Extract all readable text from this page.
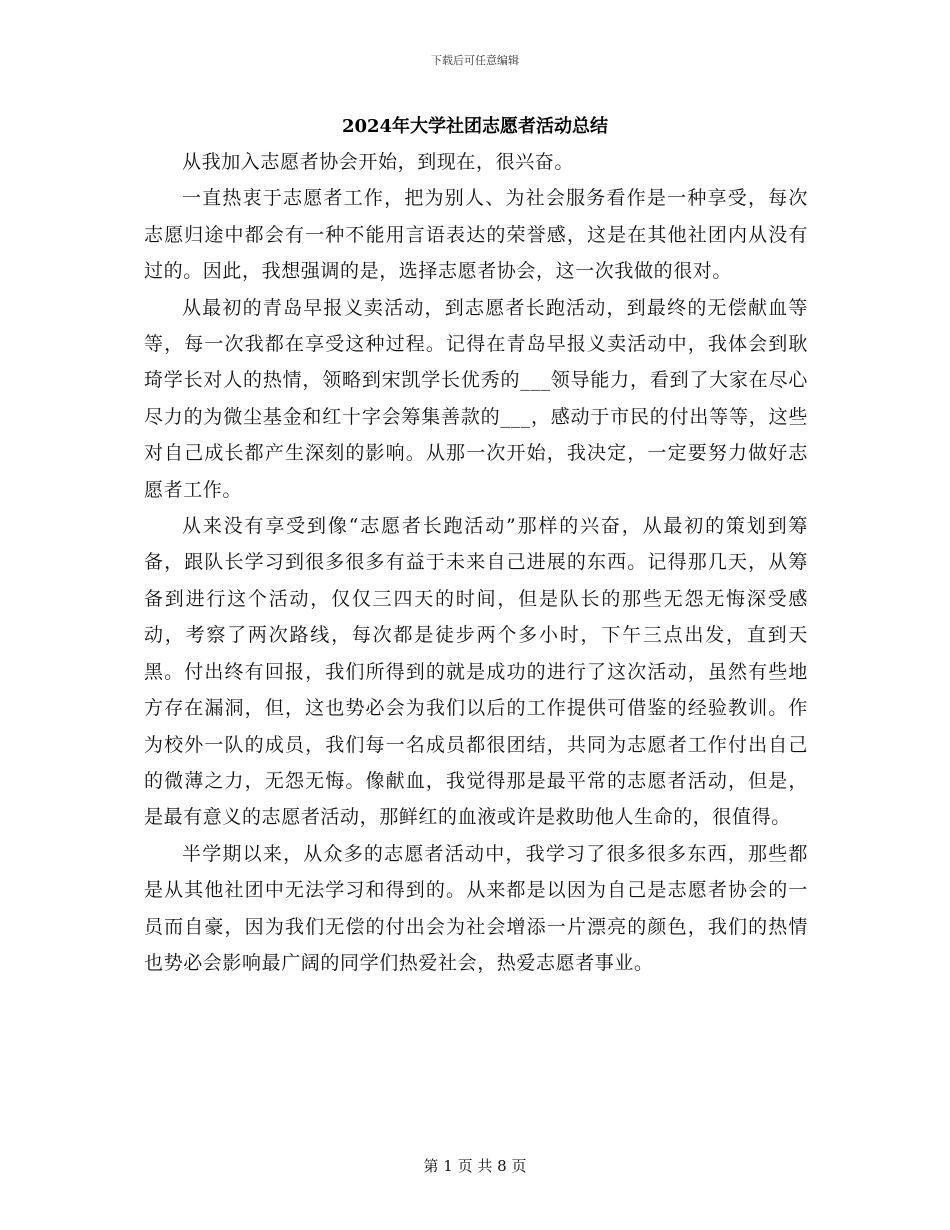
下载后可任意编辑
2024年大学社团志愿者活动总结

从我加入志愿者协会开始，到现在，很兴奋。

一直热衷于志愿者工作，把为别人、为社会服务看作是一种享受，每次志愿归途中都会有一种不能用言语表达的荣誉感，这是在其他社团内从没有过的。因此，我想强调的是，选择志愿者协会，这一次我做的很对。

从最初的青岛早报义卖活动，到志愿者长跑活动，到最终的无偿献血等等，每一次我都在享受这种过程。记得在青岛早报义卖活动中，我体会到耿琦学长对人的热情，领略到宋凯学长优秀的___领导能力，看到了大家在尽心尽力的为微尘基金和红十字会筹集善款的___，感动于市民的付出等等，这些对自己成长都产生深刻的影响。从那一次开始，我决定，一定要努力做好志愿者工作。

从来没有享受到像“志愿者长跑活动”那样的兴奋，从最初的策划到筹备，跟队长学习到很多很多有益于未来自己进展的东西。记得那几天，从筹备到进行这个活动，仅仅三四天的时间，但是队长的那些无怨无悔深受感动，考察了两次路线，每次都是徒步两个多小时，下午三点出发，直到天黑。付出终有回报，我们所得到的就是成功的进行了这次活动，虽然有些地方存在漏洞，但，这也势必会为我们以后的工作提供可借鉴的经验教训。作为校外一队的成员，我们每一名成员都很团结，共同为志愿者工作付出自己的微薄之力，无怨无悔。像献血，我觉得那是最平常的志愿者活动，但是，是最有意义的志愿者活动，那鲜红的血液或许是救助他人生命的，很值得。

半学期以来，从众多的志愿者活动中，我学习了很多很多东西，那些都是从其他社团中无法学习和得到的。从来都是以因为自己是志愿者协会的一员而自豪，因为我们无偿的付出会为社会增添一片漂亮的颜色，我们的热情也势必会影响最广阔的同学们热爱社会，热爱志愿者事业。

第 1 页 共 8 页
